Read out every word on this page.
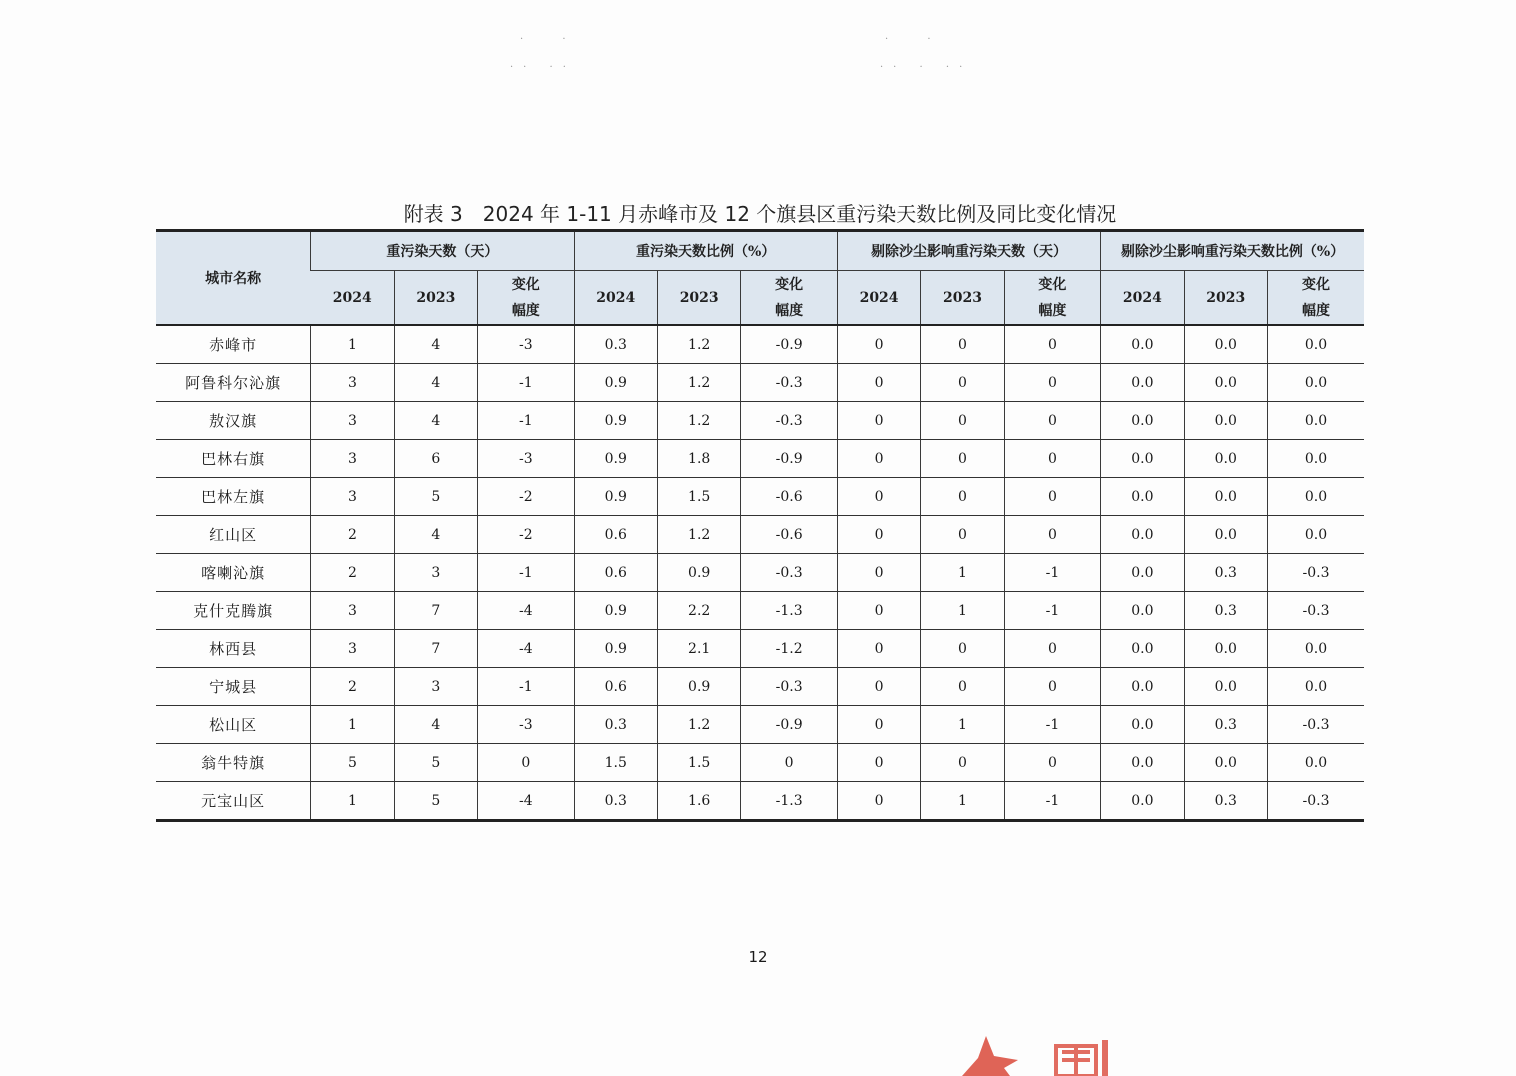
· ·	· ·
·· ··	·· · ··
附表 3　2024 年 1-11 月赤峰市及 12 个旗县区重污染天数比例及同比变化情况
城市名称	重污染天数（天）			重污染天数比例（%）			剔除沙尘影响重污染天数（天）			剔除沙尘影响重污染天数比例（%）		
	2024	2023	变化
幅度	2024	2023	变化
幅度	2024	2023	变化
幅度	2024	2023	变化
幅度
赤峰市	1	4	-3	0.3	1.2	-0.9	0	0	0	0.0	0.0	0.0
阿鲁科尔沁旗	3	4	-1	0.9	1.2	-0.3	0	0	0	0.0	0.0	0.0
敖汉旗	3	4	-1	0.9	1.2	-0.3	0	0	0	0.0	0.0	0.0
巴林右旗	3	6	-3	0.9	1.8	-0.9	0	0	0	0.0	0.0	0.0
巴林左旗	3	5	-2	0.9	1.5	-0.6	0	0	0	0.0	0.0	0.0
红山区	2	4	-2	0.6	1.2	-0.6	0	0	0	0.0	0.0	0.0
喀喇沁旗	2	3	-1	0.6	0.9	-0.3	0	1	-1	0.0	0.3	-0.3
克什克腾旗	3	7	-4	0.9	2.2	-1.3	0	1	-1	0.0	0.3	-0.3
林西县	3	7	-4	0.9	2.1	-1.2	0	0	0	0.0	0.0	0.0
宁城县	2	3	-1	0.6	0.9	-0.3	0	0	0	0.0	0.0	0.0
松山区	1	4	-3	0.3	1.2	-0.9	0	1	-1	0.0	0.3	-0.3
翁牛特旗	5	5	0	1.5	1.5	0	0	0	0	0.0	0.0	0.0
元宝山区	1	5	-4	0.3	1.6	-1.3	0	1	-1	0.0	0.3	-0.3
12
